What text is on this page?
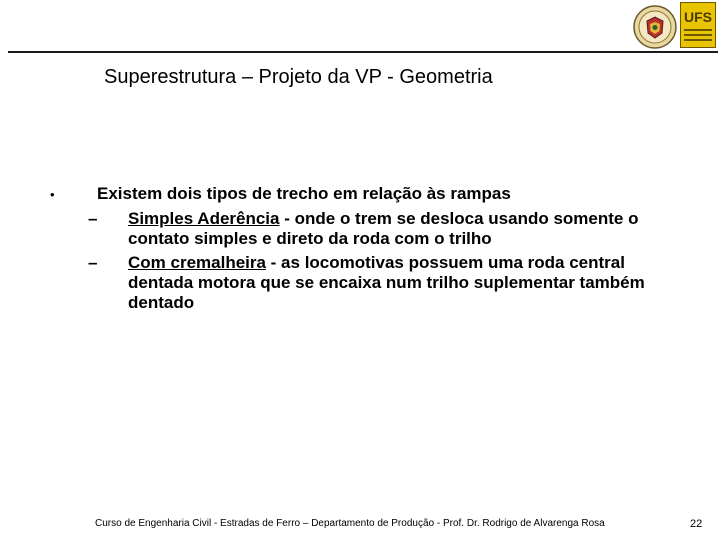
UFS
Superestrutura – Projeto da VP - Geometria
• Existem dois tipos de trecho em relação às rampas
– Simples Aderência - onde o trem se desloca usando somente o contato simples e direto da roda com o trilho
– Com cremalheira - as locomotivas possuem uma roda central dentada motora que se encaixa num trilho suplementar também dentado
Curso de Engenharia Civil - Estradas de Ferro – Departamento de Produção - Prof. Dr. Rodrigo de Alvarenga Rosa	22
